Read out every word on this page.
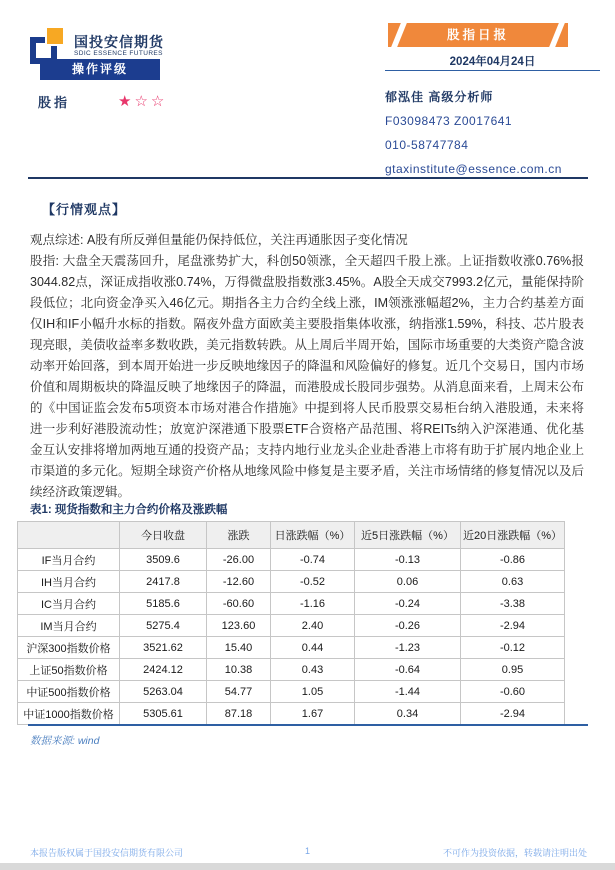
国投安信期货
SDIC ESSENCE FUTURES
操作评级
股指	★☆☆
股指日报
2024年04月24日
郁泓佳 高级分析师
F03098473 Z0017641
010-58747784
gtaxinstitute@essence.com.cn
【行情观点】

观点综述: A股有所反弹但量能仍保持低位，关注再通胀因子变化情况

股指: 大盘全天震荡回升，尾盘涨势扩大，科创50领涨，全天超四千股上涨。上证指数收涨0.76%报3044.82点，深证成指收涨0.74%，万得微盘股指数涨3.45%。A股全天成交7993.2亿元，量能保持阶段低位；北向资金净买入46亿元。期指各主力合约全线上涨，IM领涨涨幅超2%，主力合约基差方面仅IH和IF小幅升水标的指数。隔夜外盘方面欧美主要股指集体收涨，纳指涨1.59%，科技、芯片股表现亮眼，美债收益率多数收跌，美元指数转跌。从上周后半周开始，国际市场重要的大类资产隐含波动率开始回落，到本周开始进一步反映地缘因子的降温和风险偏好的修复。近几个交易日，国内市场价值和周期板块的降温反映了地缘因子的降温，而港股成长股同步强势。从消息面来看，上周末公布的《中国证监会发布5项资本市场对港合作措施》中提到将人民币股票交易柜台纳入港股通，未来将进一步利好港股流动性；放宽沪深港通下股票ETF合资格产品范围、将REITs纳入沪深港通、优化基金互认安排将增加两地互通的投资产品；支持内地行业龙头企业赴香港上市将有助于扩展内地企业上市渠道的多元化。短期全球资产价格从地缘风险中修复是主要矛盾，关注市场情绪的修复情况以及后续经济政策逻辑。

表1: 现货指数和主力合约价格及涨跌幅
	今日收盘	涨跌	日涨跌幅（%）	近5日涨跌幅（%）	近20日涨跌幅（%）
IF当月合约	3509.6	-26.00	-0.74	-0.13	-0.86
IH当月合约	2417.8	-12.60	-0.52	0.06	0.63
IC当月合约	5185.6	-60.60	-1.16	-0.24	-3.38
IM当月合约	5275.4	123.60	2.40	-0.26	-2.94
沪深300指数价格	3521.62	15.40	0.44	-1.23	-0.12
上证50指数价格	2424.12	10.38	0.43	-0.64	0.95
中证500指数价格	5263.04	54.77	1.05	-1.44	-0.60
中证1000指数价格	5305.61	87.18	1.67	0.34	-2.94
数据来源: wind
本报告版权属于国投安信期货有限公司	1	不可作为投资依据，转载请注明出处
